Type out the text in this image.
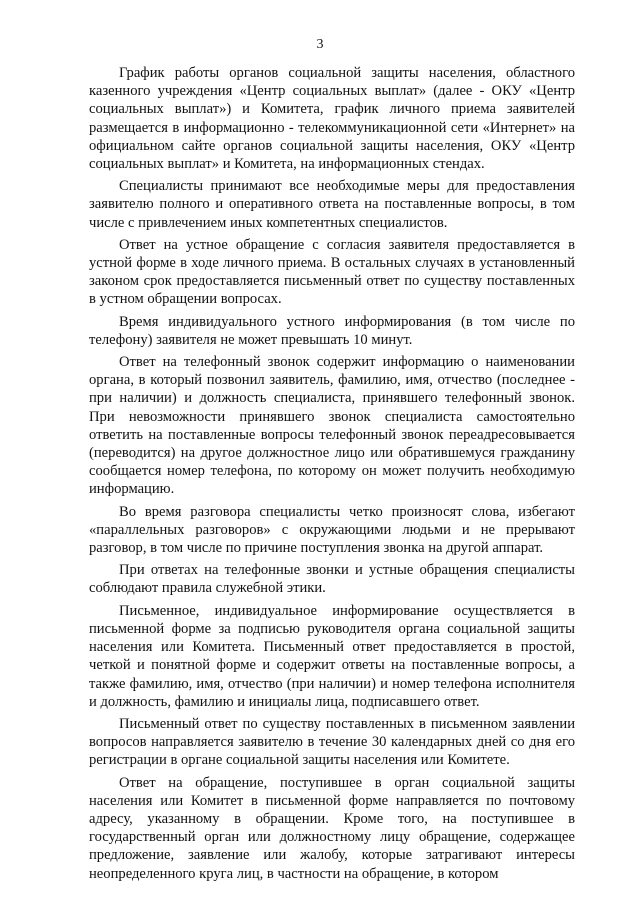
3

График работы органов социальной защиты населения, областного казенного учреждения «Центр социальных выплат» (далее - ОКУ «Центр социальных выплат») и Комитета, график личного приема заявителей размещается в информационно - телекоммуникационной сети «Интернет» на официальном сайте органов социальной защиты населения, ОКУ «Центр социальных выплат» и Комитета, на информационных стендах.

Специалисты принимают все необходимые меры для предоставления заявителю полного и оперативного ответа на поставленные вопросы, в том числе с привлечением иных компетентных специалистов.

Ответ на устное обращение с согласия заявителя предоставляется в устной форме в ходе личного приема. В остальных случаях в установленный законом срок предоставляется письменный ответ по существу поставленных в устном обращении вопросах.

Время индивидуального устного информирования (в том числе по телефону) заявителя не может превышать 10 минут.

Ответ на телефонный звонок содержит информацию о наименовании органа, в который позвонил заявитель, фамилию, имя, отчество (последнее - при наличии) и должность специалиста, принявшего телефонный звонок. При невозможности принявшего звонок специалиста самостоятельно ответить на поставленные вопросы телефонный звонок переадресовывается (переводится) на другое должностное лицо или обратившемуся гражданину сообщается номер телефона, по которому он может получить необходимую информацию.

Во время разговора специалисты четко произносят слова, избегают «параллельных разговоров» с окружающими людьми и не прерывают разговор, в том числе по причине поступления звонка на другой аппарат.

При ответах на телефонные звонки и устные обращения специалисты соблюдают правила служебной этики.

Письменное, индивидуальное информирование осуществляется в письменной форме за подписью руководителя органа социальной защиты населения или Комитета. Письменный ответ предоставляется в простой, четкой и понятной форме и содержит ответы на поставленные вопросы, а также фамилию, имя, отчество (при наличии) и номер телефона исполнителя и должность, фамилию и инициалы лица, подписавшего ответ.

Письменный ответ по существу поставленных в письменном заявлении вопросов направляется заявителю в течение 30 календарных дней со дня его регистрации в органе социальной защиты населения или Комитете.

Ответ на обращение, поступившее в орган социальной защиты населения или Комитет в письменной форме направляется по почтовому адресу, указанному в обращении. Кроме того, на поступившее в государственный орган или должностному лицу обращение, содержащее предложение, заявление или жалобу, которые затрагивают интересы неопределенного круга лиц, в частности на обращение, в котором
